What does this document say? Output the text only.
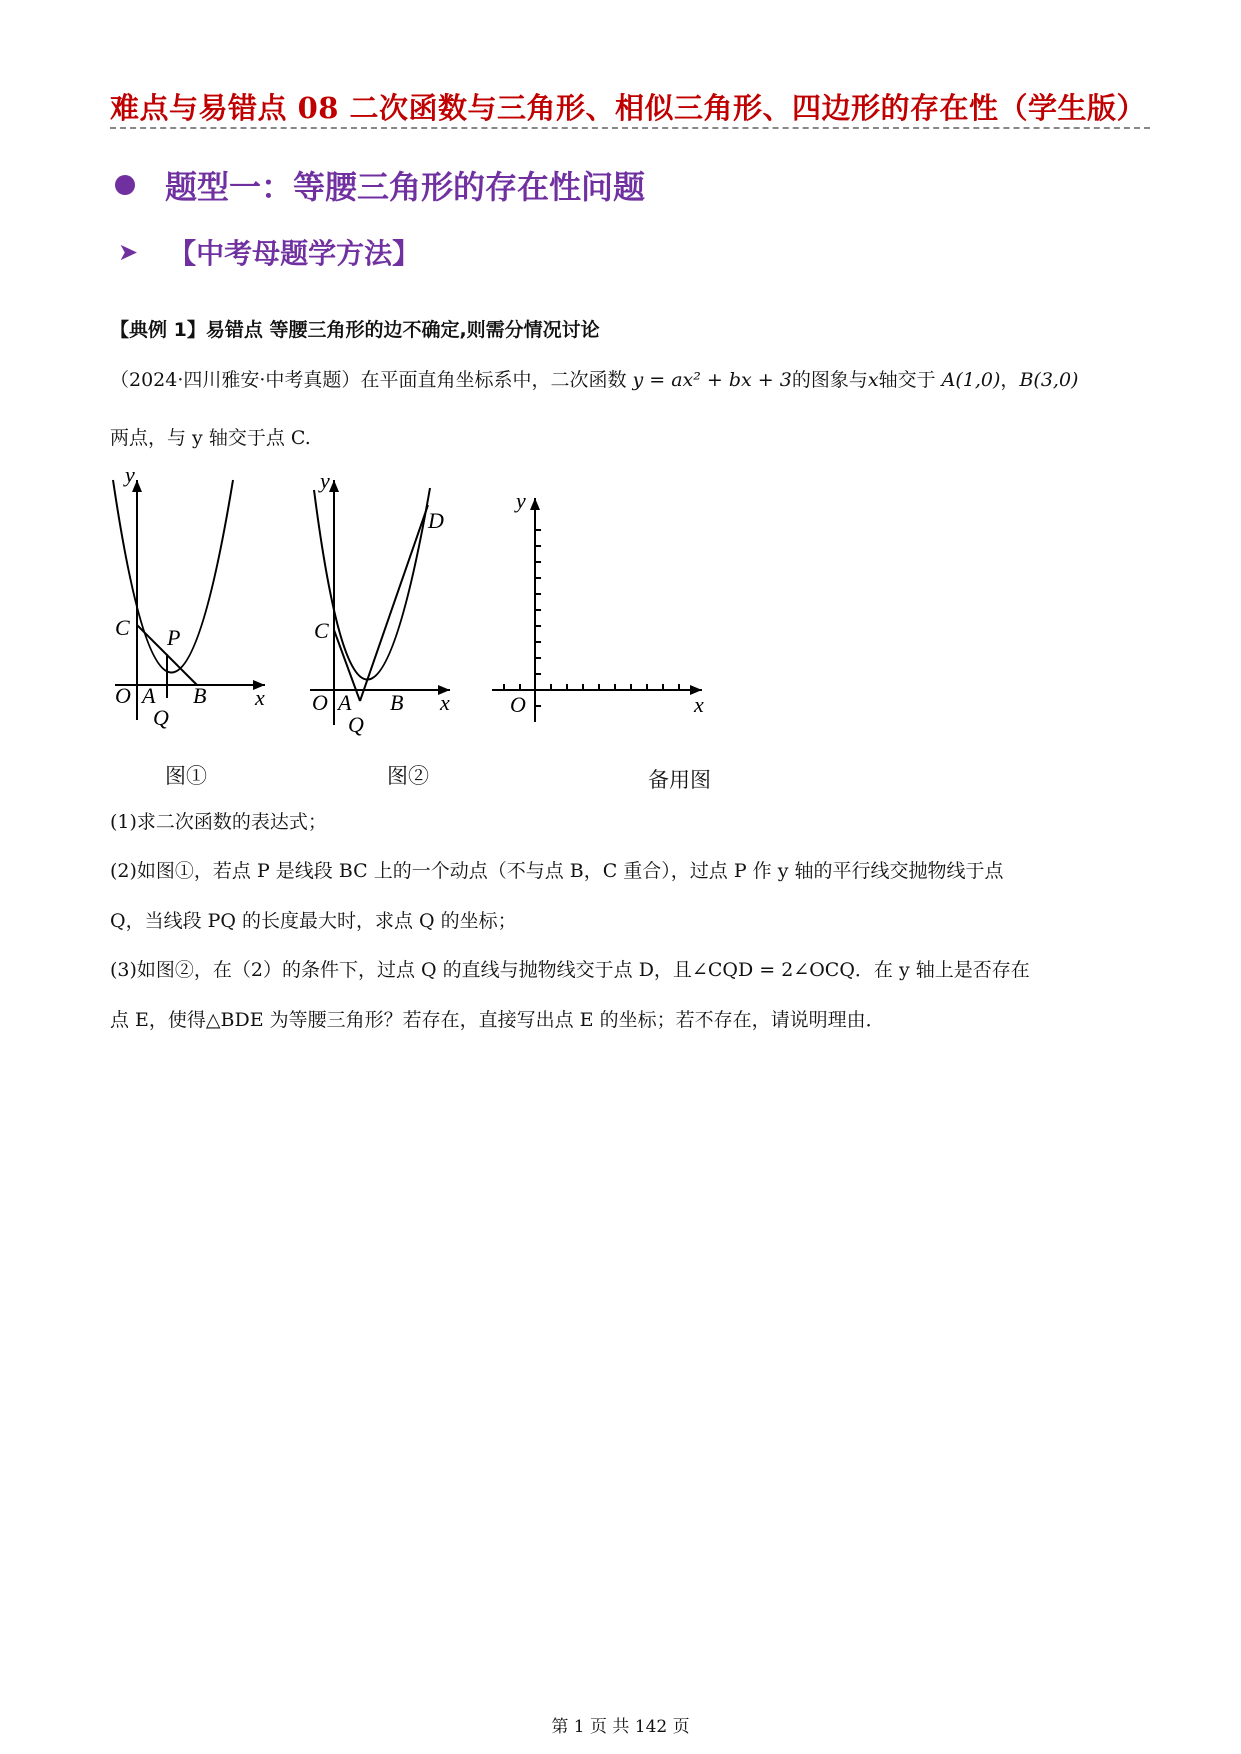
难点与易错点 08 二次函数与三角形、相似三角形、四边形的存在性（学生版）
题型一：等腰三角形的存在性问题
➤ 【中考母题学方法】
【典例 1】易错点 等腰三角形的边不确定,则需分情况讨论
（2024·四川雅安·中考真题）在平面直角坐标系中，二次函数 y = ax² + bx + 3的图象与x轴交于 A(1,0)，B(3,0)
两点，与 y 轴交于点 C.
C P
O A B
Q
x
y
C
O A B
Q
D
x
y
O	x
y
图①	图②	备用图
(1)求二次函数的表达式；
(2)如图①，若点 P 是线段 BC 上的一个动点（不与点 B，C 重合），过点 P 作 y 轴的平行线交抛物线于点
Q，当线段 PQ 的长度最大时，求点 Q 的坐标；
(3)如图②，在（2）的条件下，过点 Q 的直线与抛物线交于点 D，且∠CQD = 2∠OCQ．在 y 轴上是否存在
点 E，使得△BDE 为等腰三角形？若存在，直接写出点 E 的坐标；若不存在，请说明理由．
第 1 页 共 142 页
